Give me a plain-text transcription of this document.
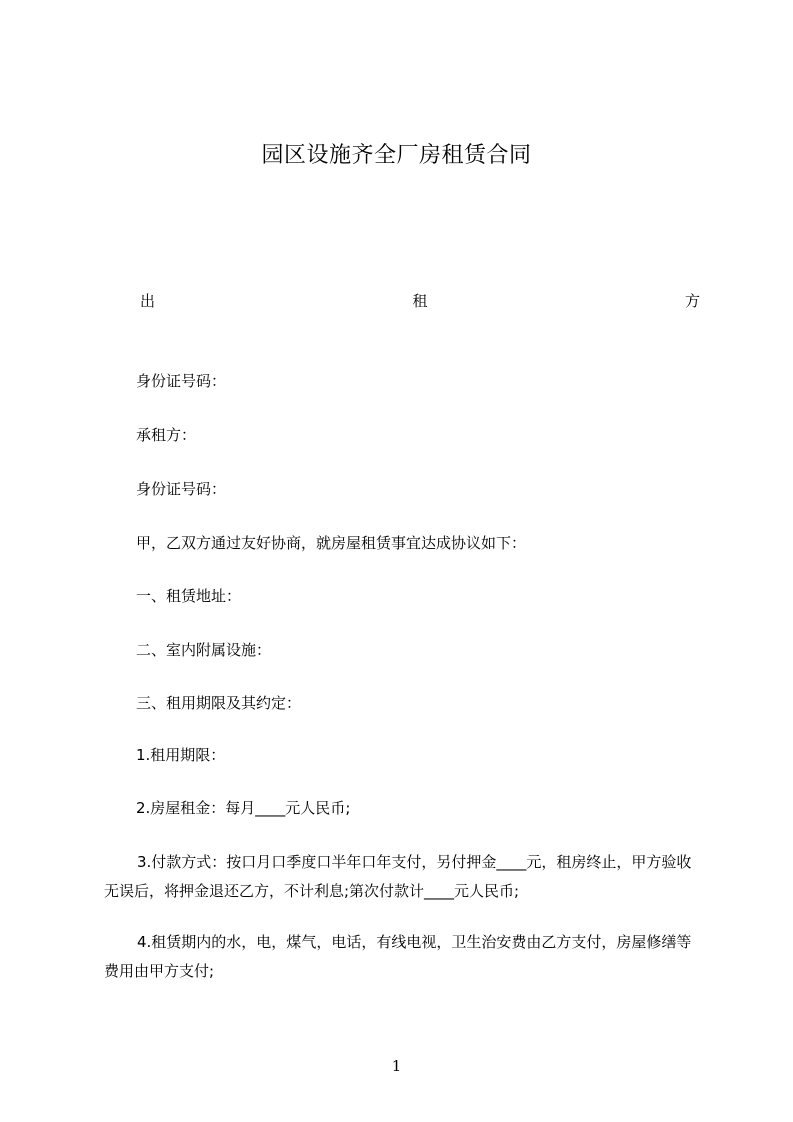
园区设施齐全厂房租赁合同
出	租	方
身份证号码：
承租方：
身份证号码：
甲，乙双方通过友好协商，就房屋租赁事宜达成协议如下：
一、租赁地址：
二、室内附属设施：
三、租用期限及其约定：
1.租用期限：
2.房屋租金：每月____元人民币;
3.付款方式：按口月口季度口半年口年支付，另付押金____元，租房终止，甲方验收无误后，将押金退还乙方，不计利息;第次付款计____元人民币;
4.租赁期内的水，电，煤气，电话，有线电视，卫生治安费由乙方支付，房屋修缮等费用由甲方支付;
1
